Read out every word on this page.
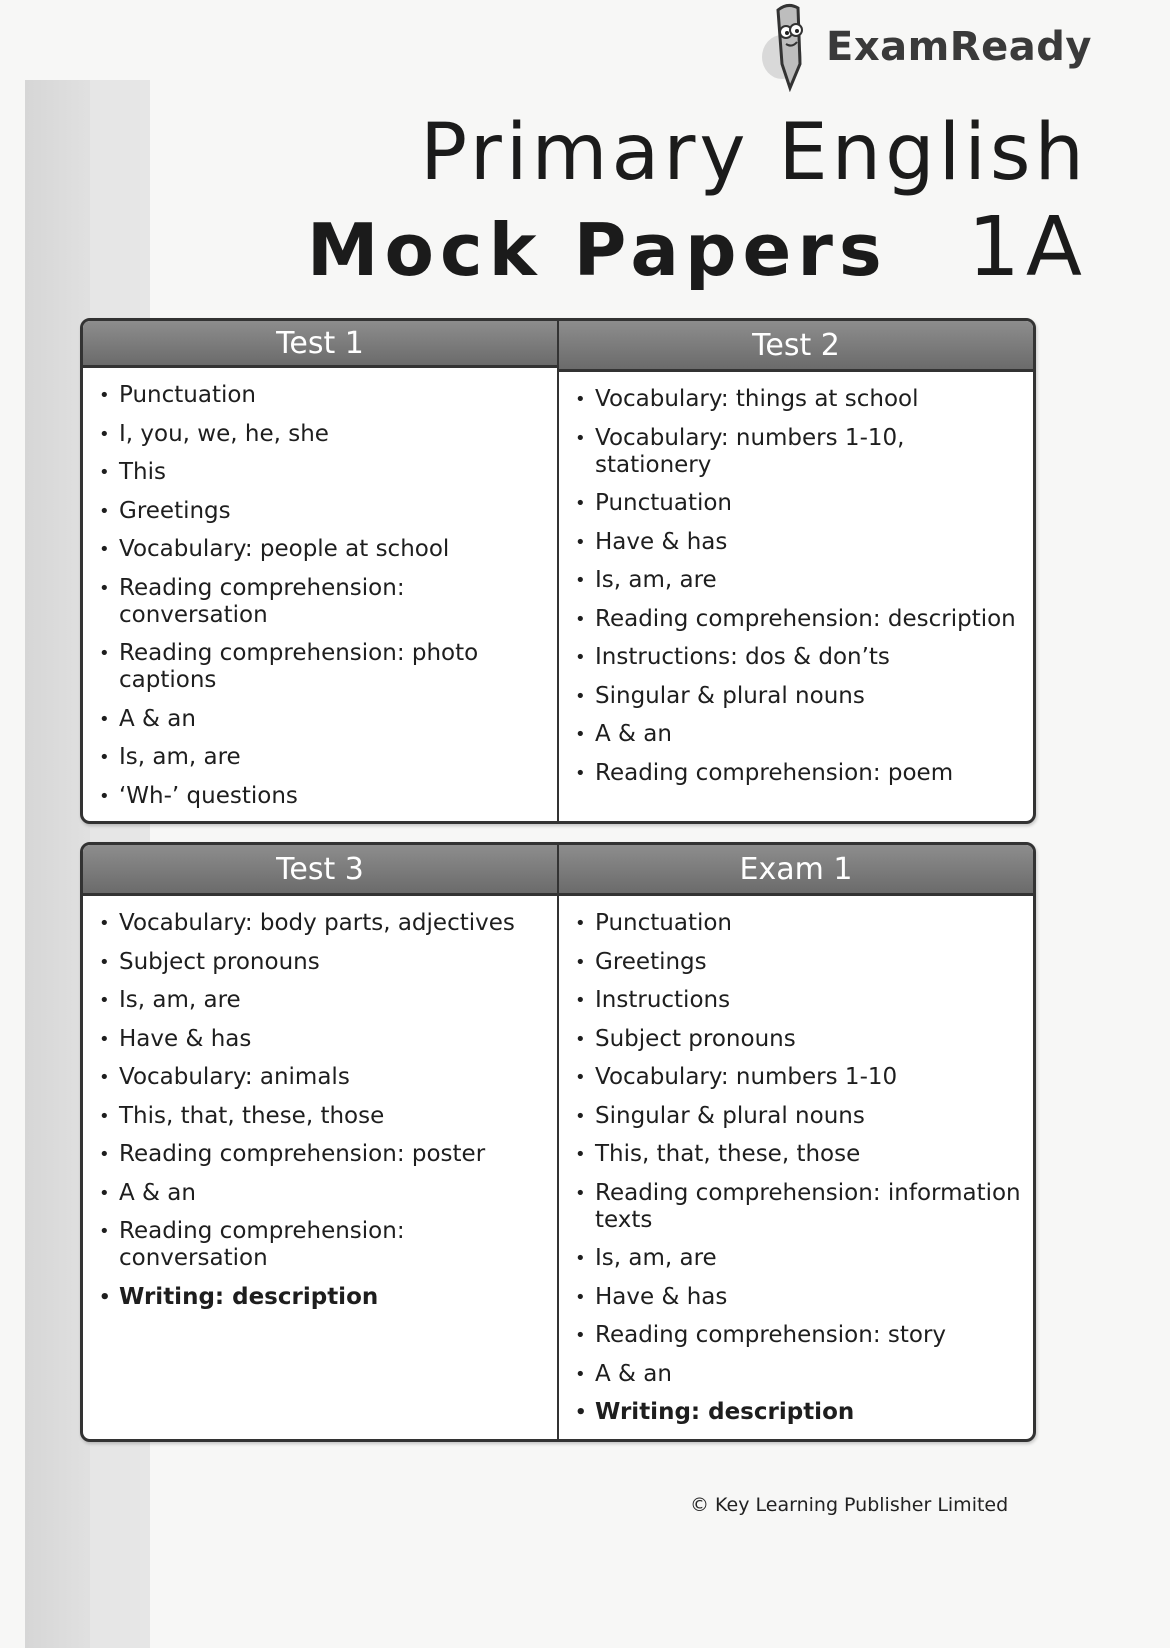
ExamReady
Primary English
Mock Papers 1A
Test 1
• Punctuation
• I, you, we, he, she
• This
• Greetings
• Vocabulary: people at school
• Reading comprehension: conversation
• Reading comprehension: photo captions
• A & an
• Is, am, are
• ‘Wh-’ questions
Test 2
• Vocabulary: things at school
• Vocabulary: numbers 1-10, stationery
• Punctuation
• Have & has
• Is, am, are
• Reading comprehension: description
• Instructions: dos & don’ts
• Singular & plural nouns
• A & an
• Reading comprehension: poem
Test 3
• Vocabulary: body parts, adjectives
• Subject pronouns
• Is, am, are
• Have & has
• Vocabulary: animals
• This, that, these, those
• Reading comprehension: poster
• A & an
• Reading comprehension: conversation
• Writing: description
Exam 1
• Punctuation
• Greetings
• Instructions
• Subject pronouns
• Vocabulary: numbers 1-10
• Singular & plural nouns
• This, that, these, those
• Reading comprehension: information texts
• Is, am, are
• Have & has
• Reading comprehension: story
• A & an
• Writing: description
© Key Learning Publisher Limited
